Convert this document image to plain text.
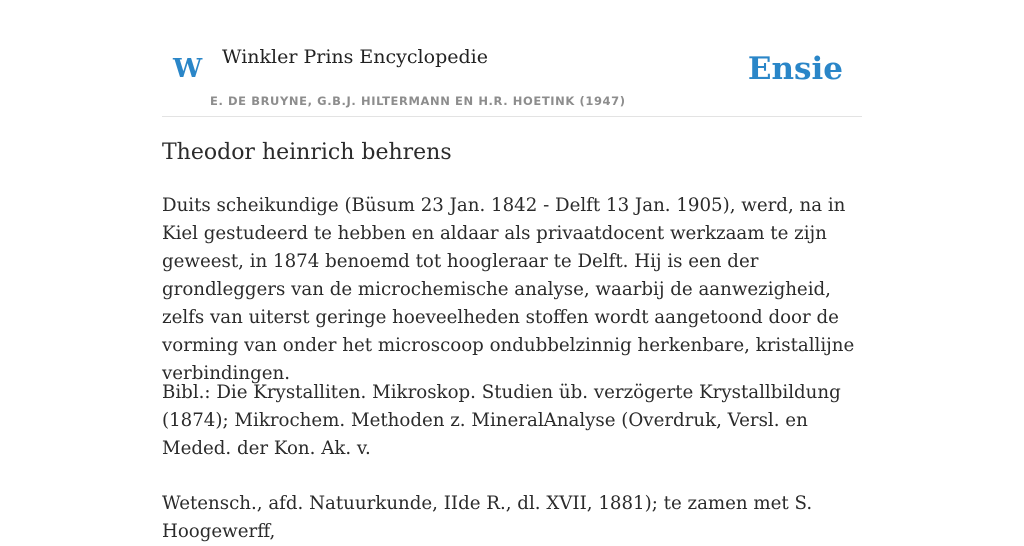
W Winkler Prins Encyclopedie
E. DE BRUYNE, G.B.J. HILTERMANN EN H.R. HOETINK (1947)
Ensie
Theodor heinrich behrens

Duits scheikundige (Büsum 23 Jan. 1842 - Delft 13 Jan. 1905), werd, na in Kiel gestudeerd te hebben en aldaar als privaatdocent werkzaam te zijn geweest, in 1874 benoemd tot hoogleraar te Delft. Hij is een der grondleggers van de microchemische analyse, waarbij de aanwezigheid, zelfs van uiterst geringe hoeveelheden stoffen wordt aangetoond door de vorming van onder het microscoop ondubbelzinnig herkenbare, kristallijne verbindingen.

Bibl.: Die Krystalliten. Mikroskop. Studien üb. verzögerte Krystallbildung (1874); Mikrochem. Methoden z. MineralAnalyse (Overdruk, Versl. en Meded. der Kon. Ak. v.

Wetensch., afd. Natuurkunde, IIde R., dl. XVII, 1881); te zamen met S. Hoogewerff,
